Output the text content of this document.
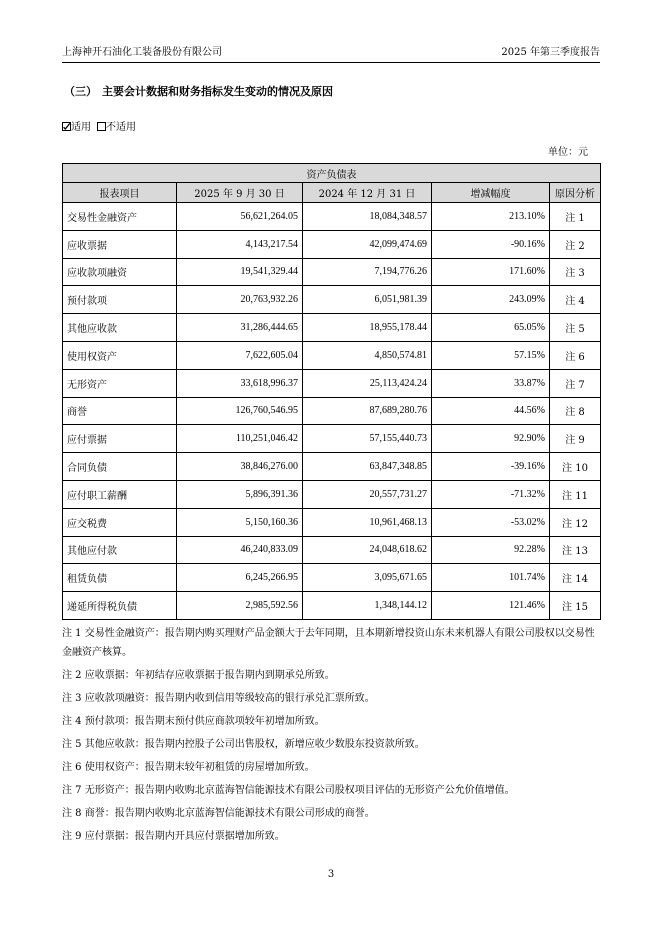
上海神开石油化工装备股份有限公司	2025 年第三季度报告
（三） 主要会计数据和财务指标发生变动的情况及原因
适用 不适用
单位：元
资产负债表				
报表项目	2025 年 9 月 30 日	2024 年 12 月 31 日	增减幅度	原因分析
交易性金融资产	56,621,264.05	18,084,348.57	213.10%	注 1
应收票据	4,143,217.54	42,099,474.69	-90.16%	注 2
应收款项融资	19,541,329.44	7,194,776.26	171.60%	注 3
预付款项	20,763,932.26	6,051,981.39	243.09%	注 4
其他应收款	31,286,444.65	18,955,178.44	65.05%	注 5
使用权资产	7,622,605.04	4,850,574.81	57.15%	注 6
无形资产	33,618,996.37	25,113,424.24	33.87%	注 7
商誉	126,760,546.95	87,689,280.76	44.56%	注 8
应付票据	110,251,046.42	57,155,440.73	92.90%	注 9
合同负债	38,846,276.00	63,847,348.85	-39.16%	注 10
应付职工薪酬	5,896,391.36	20,557,731.27	-71.32%	注 11
应交税费	5,150,160.36	10,961,468.13	-53.02%	注 12
其他应付款	46,240,833.09	24,048,618.62	92.28%	注 13
租赁负债	6,245,266.95	3,095,671.65	101.74%	注 14
递延所得税负债	2,985,592.56	1,348,144.12	121.46%	注 15

注 1 交易性金融资产：报告期内购买理财产品金额大于去年同期，且本期新增投资山东未来机器人有限公司股权以交易性金融资产核算。

注 2 应收票据：年初结存应收票据于报告期内到期承兑所致。

注 3 应收款项融资：报告期内收到信用等级较高的银行承兑汇票所致。

注 4 预付款项：报告期末预付供应商款项较年初增加所致。

注 5 其他应收款：报告期内控股子公司出售股权，新增应收少数股东投资款所致。

注 6 使用权资产：报告期末较年初租赁的房屋增加所致。

注 7 无形资产：报告期内收购北京蓝海智信能源技术有限公司股权项目评估的无形资产公允价值增值。

注 8 商誉：报告期内收购北京蓝海智信能源技术有限公司形成的商誉。

注 9 应付票据：报告期内开具应付票据增加所致。

3
